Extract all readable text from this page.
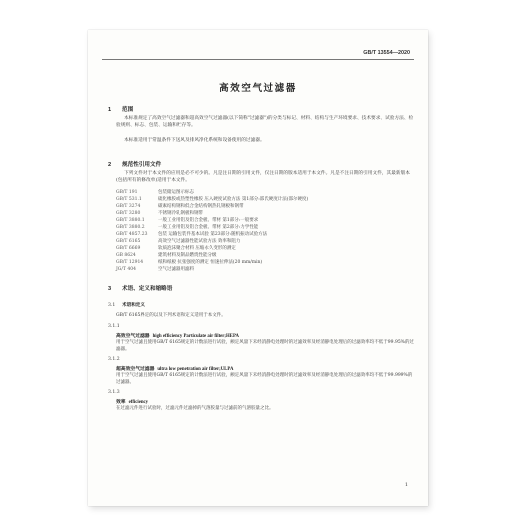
GB/T 13554—2020
高效空气过滤器
1 范围
本标准规定了高效空气过滤器和超高效空气过滤器(以下简称"过滤器")的分类与标记、材料、结构与生产环境要求、技术要求、试验方法、检验规则、标志、包装、运输和贮存等。
本标准适用于常温条件下送风及排风净化系统和设备使用的过滤器。
2 规范性引用文件
下列文件对于本文件的应用是必不可少的。凡是注日期的引用文件，仅注日期的版本适用于本文件。凡是不注日期的引用文件，其最新版本(包括所有的修改单)适用于本文件。
GB/T 191	包装储运图示标志
GB/T 531.1	硫化橡胶或热塑性橡胶 压入硬度试验方法 第1部分:邵氏硬度计法(邵尔硬度)
GB/T 3274	碳素结构钢和低合金结构钢热轧钢板和钢带
GB/T 3280	不锈钢冷轧钢板和钢带
GB/T 3880.1	一般工业用铝及铝合金板、带材 第1部分:一般要求
GB/T 3880.2	一般工业用铝及铝合金板、带材 第2部分:力学性能
GB/T 4857.23 包装 运输包装件基本试验 第23部分:随机振动试验方法
GB/T 6165	高效空气过滤器性能试验方法 效率和阻力
GB/T 6669	软质泡沫聚合材料 压缩永久变形的测定
GB 8624	建筑材料及制品燃烧性能分级
GB/T 12914	纸和纸板 抗张强度的测定 恒速拉伸法(20 mm/min)
JG/T 404	空气过滤器用滤料
3 术语、定义和缩略语
3.1 术语和定义
GB/T 6165界定的以及下列术语和定义适用于本文件。
3.1.1
高效空气过滤器 high efficiency Particulate air filter;HEPA
用于空气过滤且使用GB/T 6165规定的计数法进行试验，额定风量下未经消静电处理时的过滤效率及经消静电处理后的过滤效率均不低于99.95%的过滤器。
3.1.2
超高效空气过滤器 ultra low penetration air filter;ULPA
用于空气过滤且使用GB/T 6165规定的计数法进行试验，额定风量下未经消静电处理时的过滤效率及经消静电处理后的过滤效率均不低于99.999%的过滤器。
3.1.3
效率 efficiency
在过滤元件进行试验时，过滤元件过滤掉的气溶胶量与过滤前的气溶胶量之比。
1
